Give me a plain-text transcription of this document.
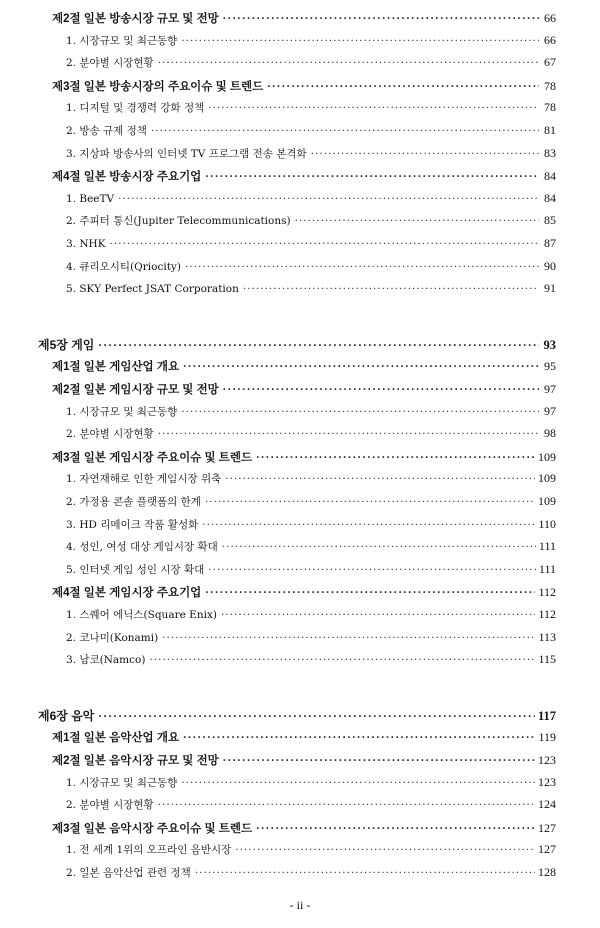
제2절 일본 방송시장 규모 및 전망 ·····	66
1. 시장규모 및 최근동향 ·····	66
2. 분야별 시장현황 ·····	67
제3절 일본 방송시장의 주요이슈 및 트렌드 ·····	78
1. 디지털 및 경쟁력 강화 정책 ·····	78
2. 방송 규제 정책 ·····	81
3. 지상파 방송사의 인터넷 TV 프로그램 전송 본격화 ·····	83
제4절 일본 방송시장 주요기업 ·····	84
1. BeeTV ·····	84
2. 주피터 통신(Jupiter Telecommunications) ·····	85
3. NHK ·····	87
4. 큐리오시티(Qriocity) ·····	90
5. SKY Perfect JSAT Corporation ·····	91
제5장 게임 ·····	93
제1절 일본 게임산업 개요 ·····	95
제2절 일본 게임시장 규모 및 전망 ·····	97
1. 시장규모 및 최근동향 ·····	97
2. 분야별 시장현황 ·····	98
제3절 일본 게임시장 주요이슈 및 트렌드 ·····	109
1. 자연재해로 인한 게임시장 위축 ·····	109
2. 가정용 콘솔 플랫폼의 한계 ·····	109
3. HD 리메이크 작품 활성화 ·····	110
4. 성인, 여성 대상 게임시장 확대 ·····	111
5. 인터넷 게임 성인 시장 확대 ·····	111
제4절 일본 게임시장 주요기업 ·····	112
1. 스퀘어 에닉스(Square Enix) ·····	112
2. 코나미(Konami) ·····	113
3. 남코(Namco) ·····	115
제6장 음악 ·····	117
제1절 일본 음악산업 개요 ·····	119
제2절 일본 음악시장 규모 및 전망 ·····	123
1. 시장규모 및 최근동향 ·····	123
2. 분야별 시장현황 ·····	124
제3절 일본 음악시장 주요이슈 및 트렌드 ·····	127
1. 전 세계 1위의 오프라인 음반시장 ·····	127
2. 일본 음악산업 관련 정책 ·····	128
- ii -
